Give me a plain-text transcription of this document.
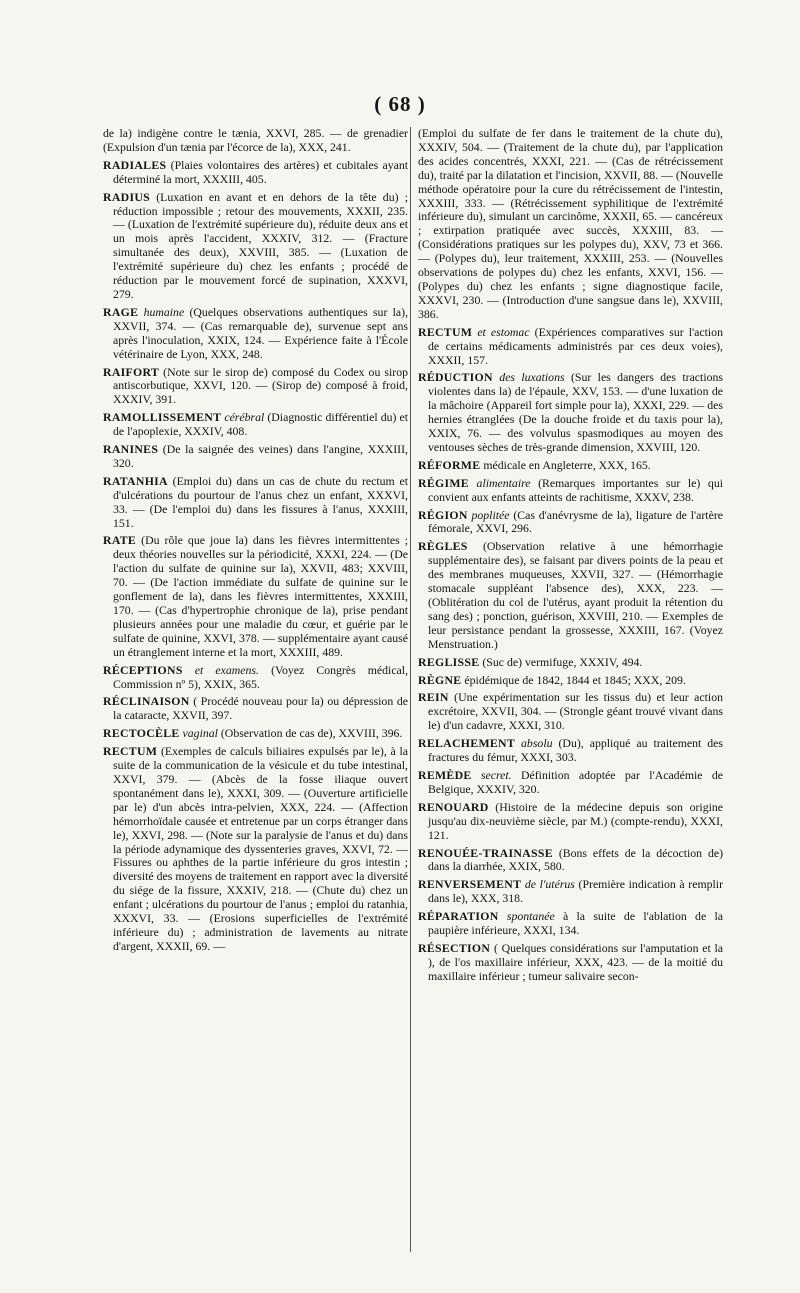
( 68 )

de la) indigène contre le tænia, XXVI, 285. — de grenadier (Expulsion d'un tænia par l'écorce de la), XXX, 241.

RADIALES (Plaies volontaires des artères) et cubitales ayant déterminé la mort, XXXIII, 405.

RADIUS (Luxation en avant et en dehors de la tête du) ; réduction impossible ; retour des mouvements, XXXII, 235. — (Luxation de l'extrémité supérieure du), réduite deux ans et un mois après l'accident, XXXIV, 312. — (Fracture simultanée des deux), XXVIII, 385. — (Luxation de l'extrémité supérieure du) chez les enfants ; procédé de réduction par le mouvement forcé de supination, XXXVI, 279.

RAGE humaine (Quelques observations authentiques sur la), XXVII, 374. — (Cas remarquable de), survenue sept ans après l'inoculation, XXIX, 124. — Expérience faite à l'École vétérinaire de Lyon, XXX, 248.

RAIFORT (Note sur le sirop de) composé du Codex ou sirop antiscorbutique, XXVI, 120. — (Sirop de) composé à froid, XXXIV, 391.

RAMOLLISSEMENT cérébral (Diagnostic différentiel du) et de l'apoplexie, XXXIV, 408.

RANINES (De la saignée des veines) dans l'angine, XXXIII, 320.

RATANHIA (Emploi du) dans un cas de chute du rectum et d'ulcérations du pourtour de l'anus chez un enfant, XXXVI, 33. — (De l'emploi du) dans les fissures à l'anus, XXXIII, 151.

RATE (Du rôle que joue la) dans les fièvres intermittentes ; deux théories nouvelles sur la périodicité, XXXI, 224. — (De l'action du sulfate de quinine sur la), XXVII, 483; XXVIII, 70. — (De l'action immédiate du sulfate de quinine sur le gonflement de la), dans les fièvres intermittentes, XXXIII, 170. — (Cas d'hypertrophie chronique de la), prise pendant plusieurs années pour une maladie du cœur, et guérie par le sulfate de quinine, XXVI, 378. — supplémentaire ayant causé un étranglement interne et la mort, XXXIII, 489.

RÉCEPTIONS et examens. (Voyez Congrès médical, Commission nº 5), XXIX, 365.

RÉCLINAISON ( Procédé nouveau pour la) ou dépression de la cataracte, XXVII, 397.

RECTOCÈLE vaginal (Observation de cas de), XXVIII, 396.

RECTUM (Exemples de calculs biliaires expulsés par le), à la suite de la communication de la vésicule et du tube intestinal, XXVI, 379. — (Abcès de la fosse iliaque ouvert spontanément dans le), XXXI, 309. — (Ouverture artificielle par le) d'un abcès intra-pelvien, XXX, 224. — (Affection hémorrhoïdale causée et entretenue par un corps étranger dans le), XXVI, 298. — (Note sur la paralysie de l'anus et du) dans la période adynamique des dyssenteries graves, XXVI, 72. — Fissures ou aphthes de la partie inférieure du gros intestin ; diversité des moyens de traitement en rapport avec la diversité du siége de la fissure, XXXIV, 218. — (Chute du) chez un enfant ; ulcérations du pourtour de l'anus ; emploi du ratanhia, XXXVI, 33. — (Erosions superficielles de l'extrémité inférieure du) ; administration de lavements au nitrate d'argent, XXXII, 69. —

(Emploi du sulfate de fer dans le traitement de la chute du), XXXIV, 504. — (Traitement de la chute du), par l'application des acides concentrés, XXXI, 221. — (Cas de rétrécissement du), traité par la dilatation et l'incision, XXVII, 88. — (Nouvelle méthode opératoire pour la cure du rétrécissement de l'intestin, XXXIII, 333. — (Rétrécissement syphilitique de l'extrémité inférieure du), simulant un carcinôme, XXXII, 65. — cancéreux ; extirpation pratiquée avec succès, XXXIII, 83. — (Considérations pratiques sur les polypes du), XXV, 73 et 366. — (Polypes du), leur traitement, XXXIII, 253. — (Nouvelles observations de polypes du) chez les enfants, XXVI, 156. — (Polypes du) chez les enfants ; signe diagnostique facile, XXXVI, 230. — (Introduction d'une sangsue dans le), XXVIII, 386.

RECTUM et estomac (Expériences comparatives sur l'action de certains médicaments administrés par ces deux voies), XXXII, 157.

RÉDUCTION des luxations (Sur les dangers des tractions violentes dans la) de l'épaule, XXV, 153. — d'une luxation de la mâchoire (Appareil fort simple pour la), XXXI, 229. — des hernies étranglées (De la douche froide et du taxis pour la), XXIX, 76. — des volvulus spasmodiques au moyen des ventouses sèches de très-grande dimension, XXVIII, 120.

RÉFORME médicale en Angleterre, XXX, 165.

RÉGIME alimentaire (Remarques importantes sur le) qui convient aux enfants atteints de rachitisme, XXXV, 238.

RÉGION poplitée (Cas d'anévrysme de la), ligature de l'artère fémorale, XXVI, 296.

RÈGLES (Observation relative à une hémorrhagie supplémentaire des), se faisant par divers points de la peau et des membranes muqueuses, XXVII, 327. — (Hémorrhagie stomacale suppléant l'absence des), XXX, 223. — (Oblitération du col de l'utérus, ayant produit la rétention du sang des) ; ponction, guérison, XXVIII, 210. — Exemples de leur persistance pendant la grossesse, XXXIII, 167. (Voyez Menstruation.)

REGLISSE (Suc de) vermifuge, XXXIV, 494.

RÈGNE épidémique de 1842, 1844 et 1845; XXX, 209.

REIN (Une expérimentation sur les tissus du) et leur action excrétoire, XXVII, 304. — (Strongle géant trouvé vivant dans le) d'un cadavre, XXXI, 310.

RELACHEMENT absolu (Du), appliqué au traitement des fractures du fémur, XXXI, 303.

REMÈDE secret. Définition adoptée par l'Académie de Belgique, XXXIV, 320.

RENOUARD (Histoire de la médecine depuis son origine jusqu'au dix-neuvième siècle, par M.) (compte-rendu), XXXI, 121.

RENOUÉE-TRAINASSE (Bons effets de la décoction de) dans la diarrhée, XXIX, 580.

RENVERSEMENT de l'utérus (Première indication à remplir dans le), XXX, 318.

RÉPARATION spontanée à la suite de l'ablation de la paupière inférieure, XXXI, 134.

RÉSECTION ( Quelques considérations sur l'amputation et la ), de l'os maxillaire inférieur, XXX, 423. — de la moitié du maxillaire inférieur ; tumeur salivaire secon-
